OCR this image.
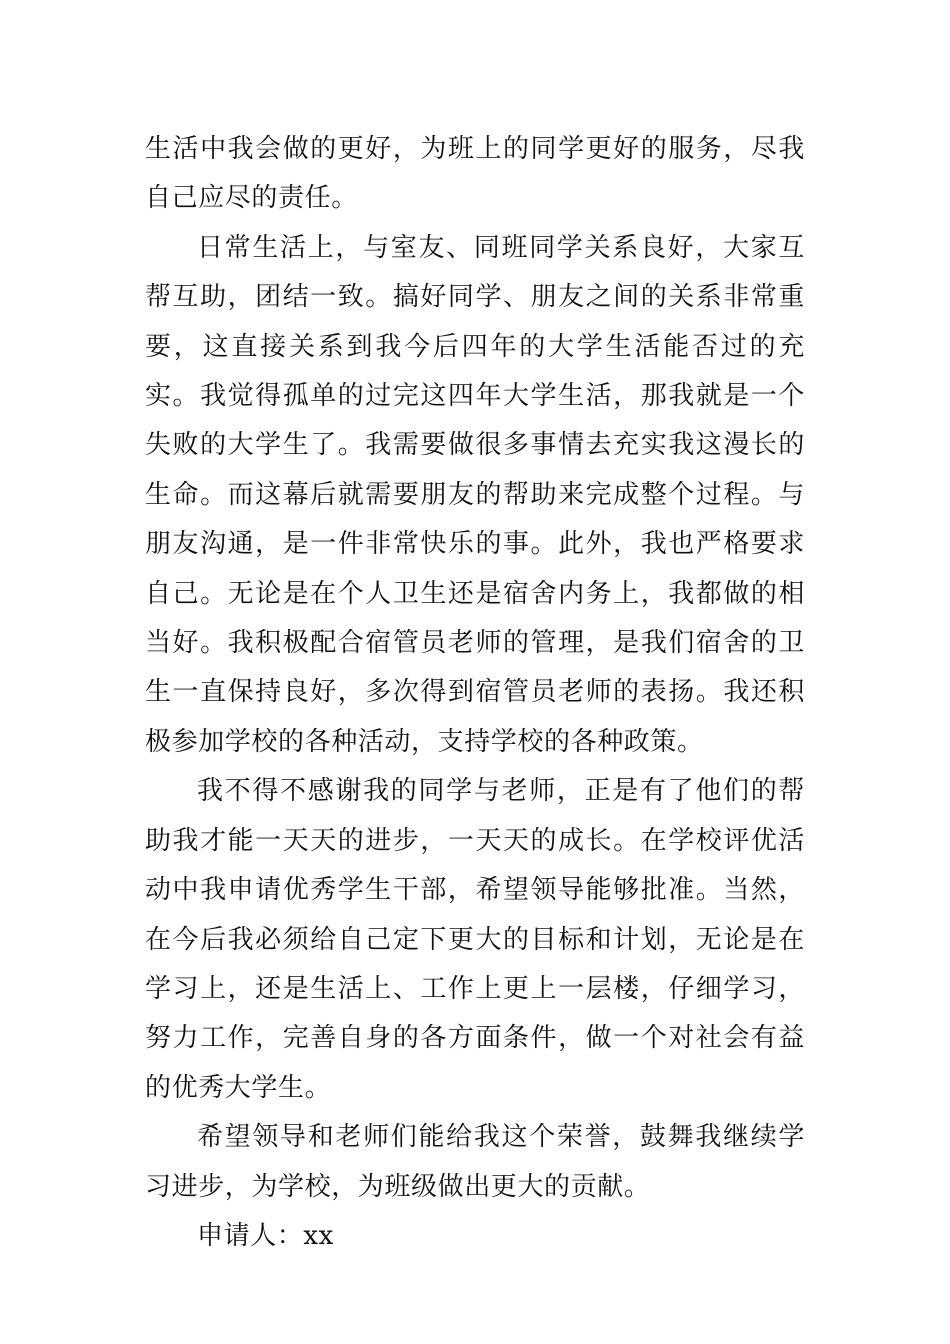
生活中我会做的更好，为班上的同学更好的服务，尽我自己应尽的责任。

日常生活上，与室友、同班同学关系良好，大家互帮互助，团结一致。搞好同学、朋友之间的关系非常重要，这直接关系到我今后四年的大学生活能否过的充实。我觉得孤单的过完这四年大学生活，那我就是一个失败的大学生了。我需要做很多事情去充实我这漫长的生命。而这幕后就需要朋友的帮助来完成整个过程。与朋友沟通，是一件非常快乐的事。此外，我也严格要求自己。无论是在个人卫生还是宿舍内务上，我都做的相当好。我积极配合宿管员老师的管理，是我们宿舍的卫生一直保持良好，多次得到宿管员老师的表扬。我还积极参加学校的各种活动，支持学校的各种政策。

我不得不感谢我的同学与老师，正是有了他们的帮助我才能一天天的进步，一天天的成长。在学校评优活动中我申请优秀学生干部，希望领导能够批准。当然，在今后我必须给自己定下更大的目标和计划，无论是在学习上，还是生活上、工作上更上一层楼，仔细学习，努力工作，完善自身的各方面条件，做一个对社会有益的优秀大学生。

希望领导和老师们能给我这个荣誉，鼓舞我继续学习进步，为学校，为班级做出更大的贡献。

申请人：xx
